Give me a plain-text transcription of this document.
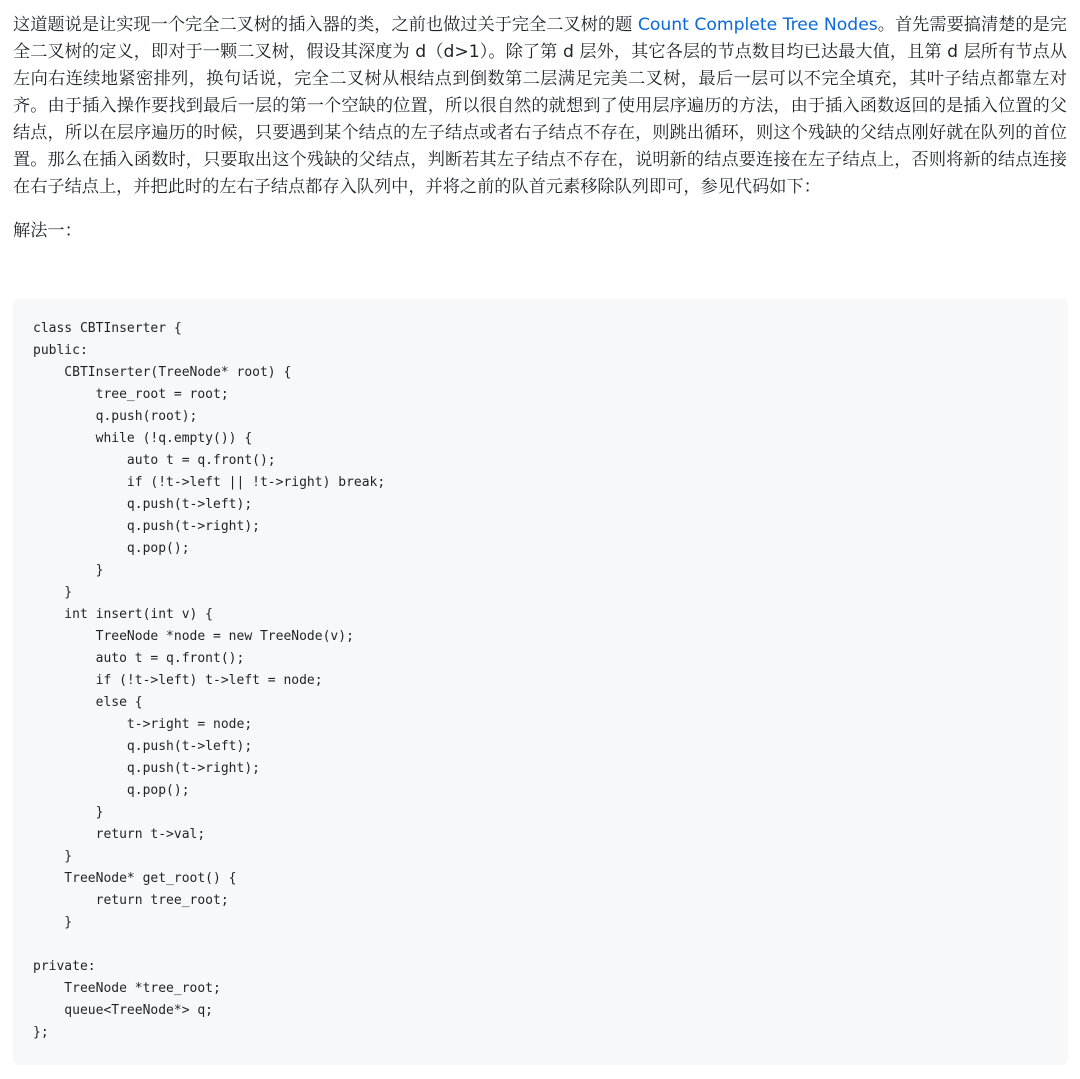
这道题说是让实现一个完全二叉树的插入器的类，之前也做过关于完全二叉树的题 Count Complete Tree Nodes。首先需要搞清楚的是完全二叉树的定义，即对于一颗二叉树，假设其深度为 d（d>1）。除了第 d 层外，其它各层的节点数目均已达最大值，且第 d 层所有节点从左向右连续地紧密排列，换句话说，完全二叉树从根结点到倒数第二层满足完美二叉树，最后一层可以不完全填充，其叶子结点都靠左对齐。由于插入操作要找到最后一层的第一个空缺的位置，所以很自然的就想到了使用层序遍历的方法，由于插入函数返回的是插入位置的父结点，所以在层序遍历的时候，只要遇到某个结点的左子结点或者右子结点不存在，则跳出循环，则这个残缺的父结点刚好就在队列的首位置。那么在插入函数时，只要取出这个残缺的父结点，判断若其左子结点不存在，说明新的结点要连接在左子结点上，否则将新的结点连接在右子结点上，并把此时的左右子结点都存入队列中，并将之前的队首元素移除队列即可，参见代码如下：

解法一：
class CBTInserter {
public:
CBTInserter(TreeNode* root) {
tree_root = root;
q.push(root);
while (!q.empty()) {
auto t = q.front();
if (!t->left || !t->right) break;
q.push(t->left);
q.push(t->right);
q.pop();
}
}
int insert(int v) {
TreeNode *node = new TreeNode(v);
auto t = q.front();
if (!t->left) t->left = node;
else {
t->right = node;
q.push(t->left);
q.push(t->right);
q.pop();
}
return t->val;
}
TreeNode* get_root() {
return tree_root;
}
private:
TreeNode *tree_root;
queue<TreeNode*> q;
};
